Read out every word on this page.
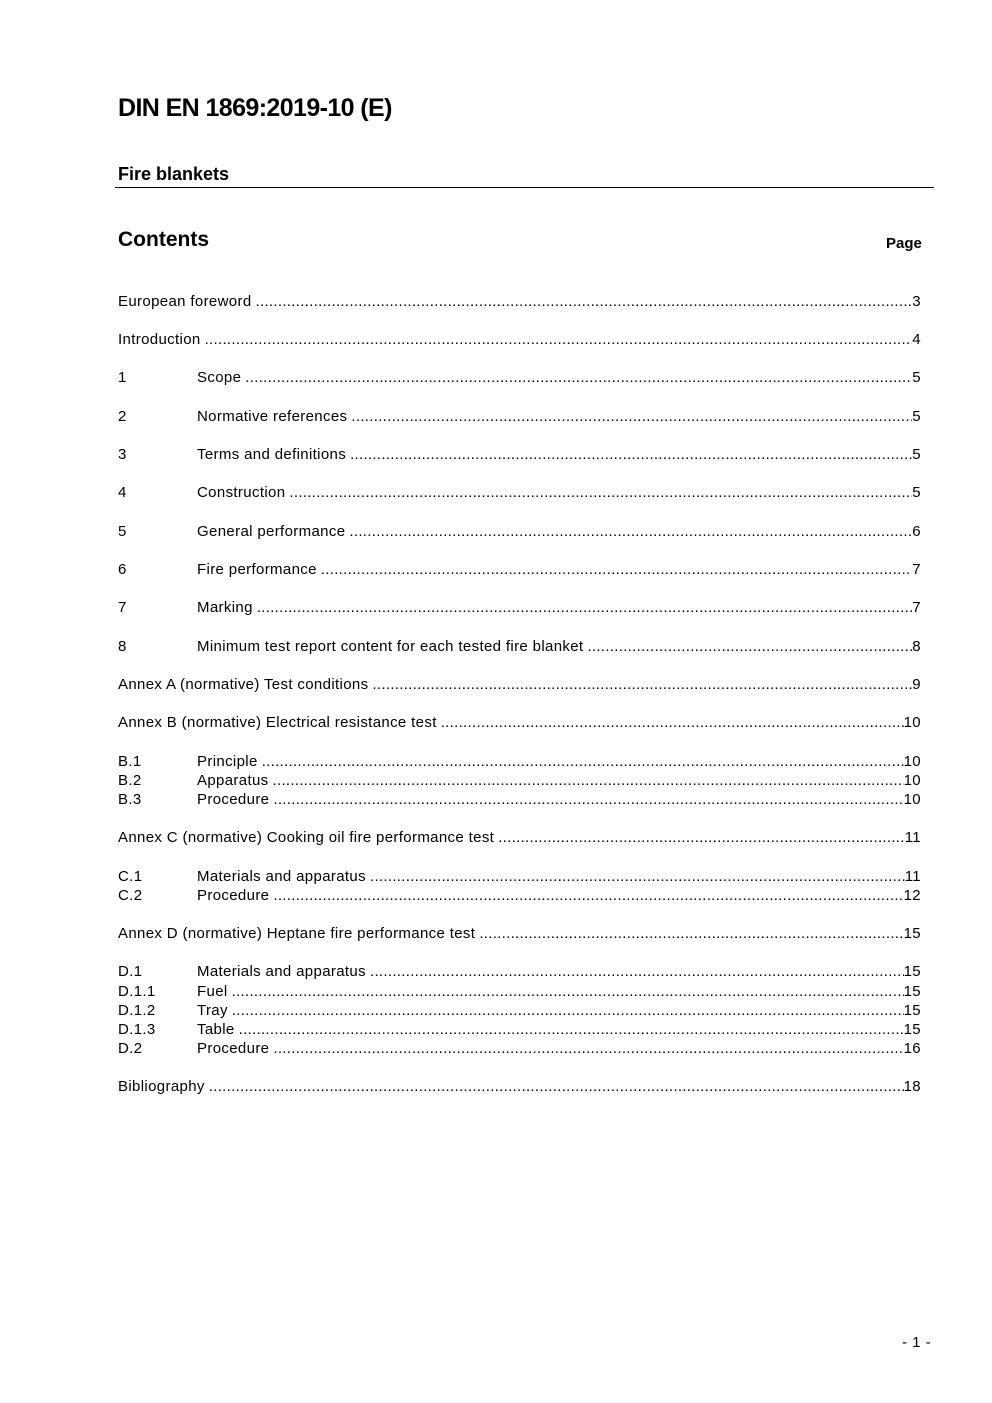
DIN EN 1869:2019-10 (E)
Fire blankets
Contents	Page
European foreword .....	3
Introduction .....	4
1	Scope .....	5
2	Normative references .....	5
3	Terms and definitions .....	5
4	Construction .....	5
5	General performance .....	6
6	Fire performance .....	7
7	Marking .....	7
8	Minimum test report content for each tested fire blanket .....	8
Annex A (normative) Test conditions .....	9
Annex B (normative) Electrical resistance test .....	10
B.1	Principle .....	10
B.2	Apparatus .....	10
B.3	Procedure .....	10
Annex C (normative) Cooking oil fire performance test .....	11
C.1	Materials and apparatus .....	11
C.2	Procedure .....	12
Annex D (normative) Heptane fire performance test .....	15
D.1	Materials and apparatus .....	15
D.1.1	Fuel .....	15
D.1.2	Tray .....	15
D.1.3	Table .....	15
D.2	Procedure .....	16
Bibliography .....	18
- 1 -
